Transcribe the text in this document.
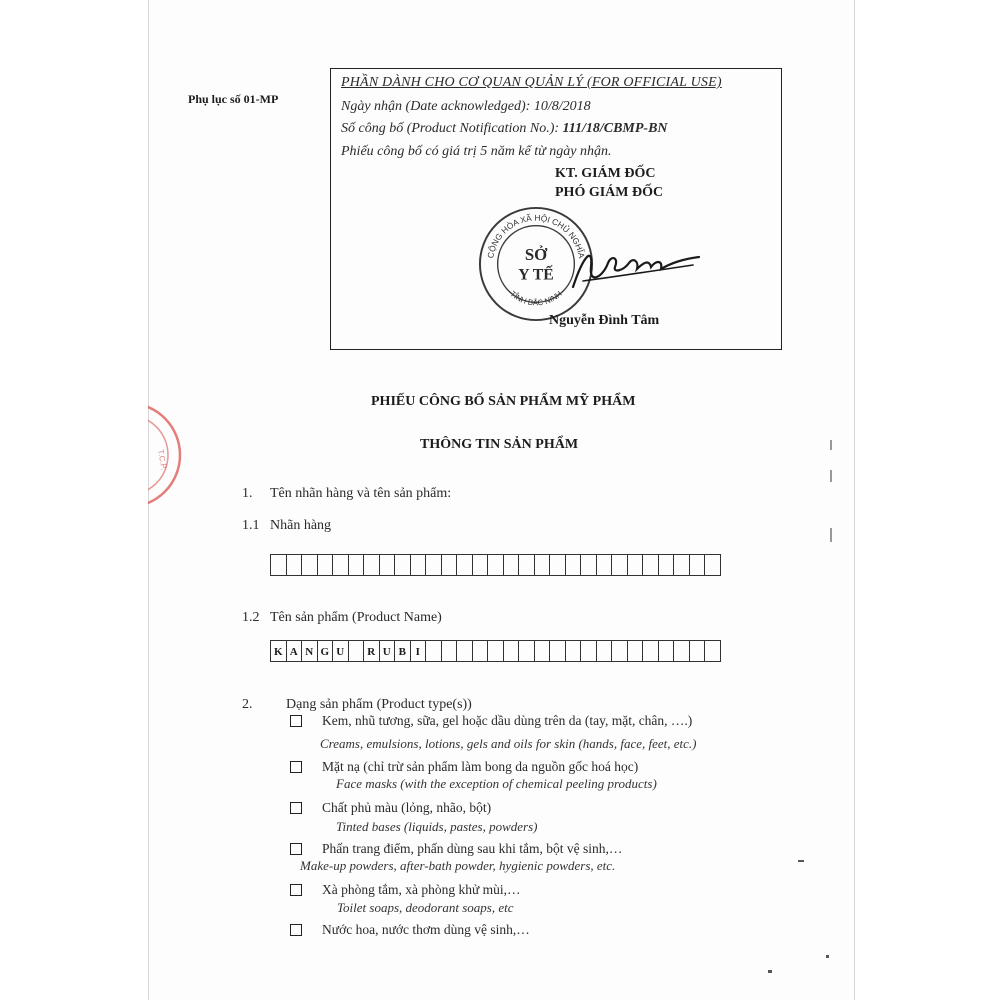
Phụ lục số 01-MP
PHẦN DÀNH CHO CƠ QUAN QUẢN LÝ (FOR OFFICIAL USE)
Ngày nhận (Date acknowledged): 10/8/2018
Số công bố (Product Notification No.): 111/18/CBMP-BN
Phiếu công bố có giá trị 5 năm kể từ ngày nhận.
KT. GIÁM ĐỐC
PHÓ GIÁM ĐỐC
CỘNG HÒA XÃ HỘI CHỦ NGHĨA
TỈNH BẮC NINH
SỞ
Y TẾ
Nguyễn Đình Tâm
T.C.P.
PHIẾU CÔNG BỐ SẢN PHẨM MỸ PHẨM
THÔNG TIN SẢN PHẨM
1. Tên nhãn hàng và tên sản phẩm:
1.1 Nhãn hàng
1.2 Tên sản phẩm (Product Name)
K A N G U	R U B I
2. Dạng sản phẩm (Product type(s))
Kem, nhũ tương, sữa, gel hoặc dầu dùng trên da (tay, mặt, chân, ….)
Creams, emulsions, lotions, gels and oils for skin (hands, face, feet, etc.)
Mặt nạ (chỉ trừ sản phẩm làm bong da nguồn gốc hoá học)
Face masks (with the exception of chemical peeling products)
Chất phủ màu (lỏng, nhão, bột)
Tinted bases (liquids, pastes, powders)
Phấn trang điểm, phấn dùng sau khi tắm, bột vệ sinh,…
Make-up powders, after-bath powder, hygienic powders, etc.
Xà phòng tắm, xà phòng khử mùi,…
Toilet soaps, deodorant soaps, etc
Nước hoa, nước thơm dùng vệ sinh,…
